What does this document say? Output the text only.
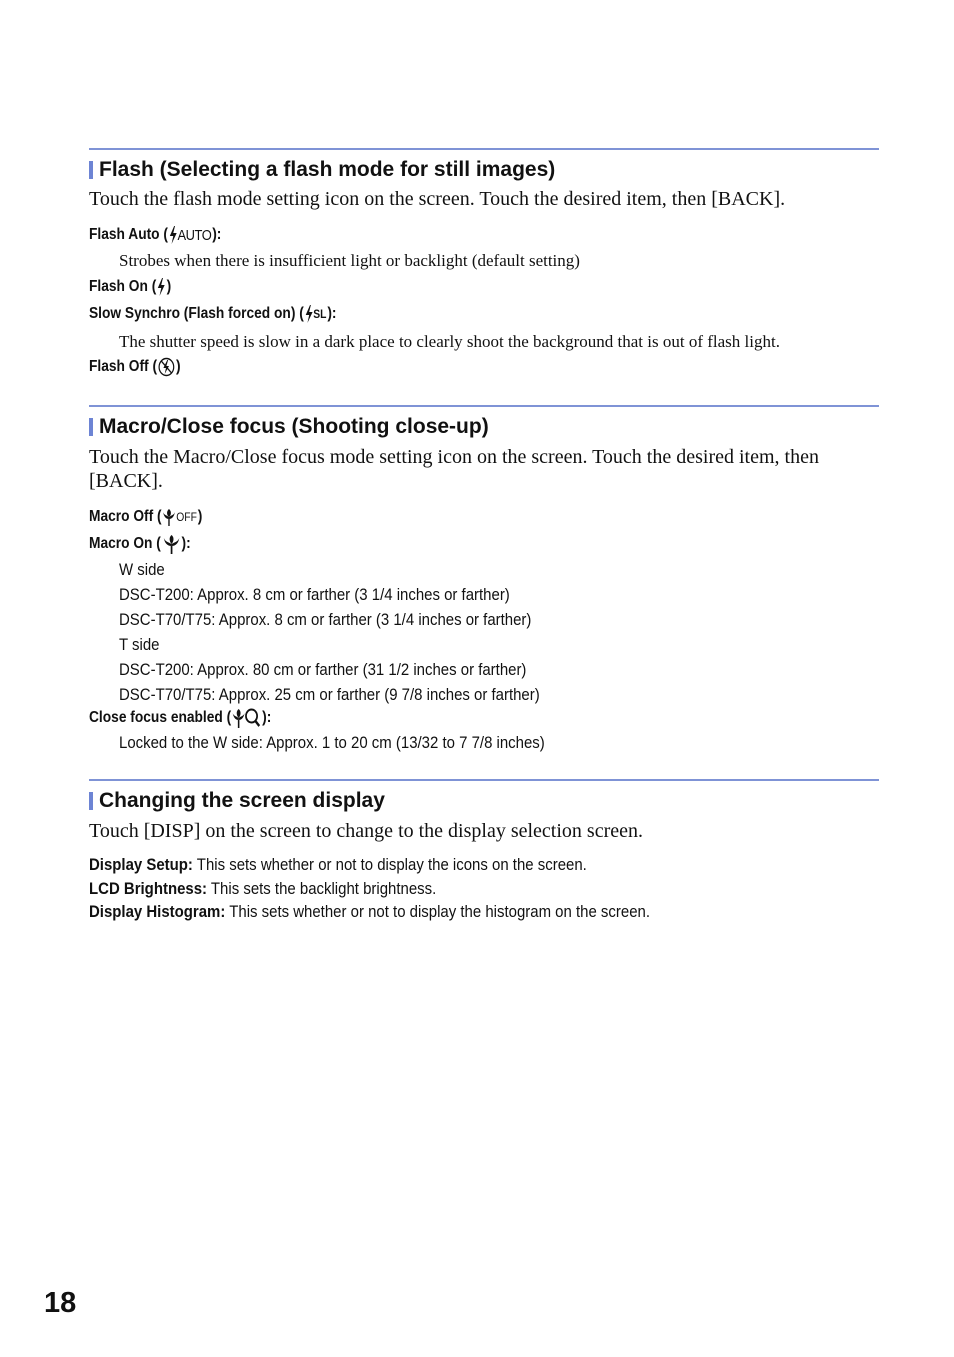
Flash (Selecting a flash mode for still images)
Touch the flash mode setting icon on the screen. Touch the desired item, then [BACK].
Flash Auto ( AUTO ):
Strobes when there is insufficient light or backlight (default setting)
Flash On ( )
Slow Synchro (Flash forced on) ( SL ):
The shutter speed is slow in a dark place to clearly shoot the background that is out of flash light.
Flash Off ( )
Macro/Close focus (Shooting close-up)
Touch the Macro/Close focus mode setting icon on the screen. Touch the desired item, then [BACK].
Macro Off ( OFF )
Macro On ( ):
W side
DSC-T200: Approx. 8 cm or farther (3 1/4 inches or farther)
DSC-T70/T75: Approx. 8 cm or farther (3 1/4 inches or farther)
T side
DSC-T200: Approx. 80 cm or farther (31 1/2 inches or farther)
DSC-T70/T75: Approx. 25 cm or farther (9 7/8 inches or farther)
Close focus enabled ( ):
Locked to the W side: Approx. 1 to 20 cm (13/32 to 7 7/8 inches)
Changing the screen display
Touch [DISP] on the screen to change to the display selection screen.
Display Setup: This sets whether or not to display the icons on the screen.
LCD Brightness: This sets the backlight brightness.
Display Histogram: This sets whether or not to display the histogram on the screen.
18
